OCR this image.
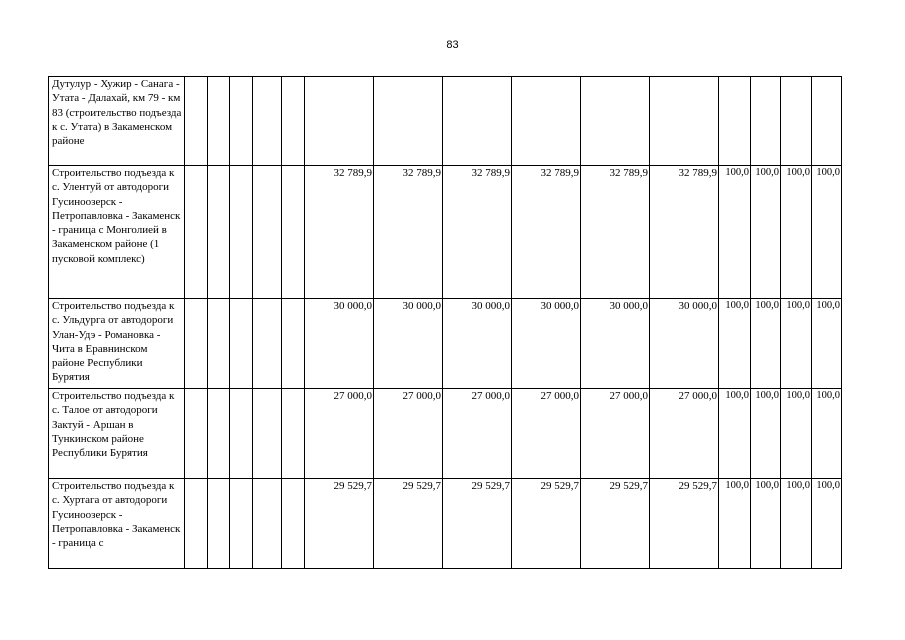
83
Дутулур - Хужир - Санага - Утата - Далахай, км 79 - км 83 (строительство подъезда к с. Утата) в Закаменском районе															
Строительство подъезда к с. Улентуй от автодороги Гусиноозерск - Петропавловка - Закаменск - граница с Монголией в Закаменском районе (1 пусковой комплекс)						32 789,9	32 789,9	32 789,9	32 789,9	32 789,9	32 789,9	100,0	100,0	100,0	100,0
Строительство подъезда к с. Ульдурга от автодороги Улан-Удэ - Романовка - Чита в Еравнинском районе Республики Бурятия						30 000,0	30 000,0	30 000,0	30 000,0	30 000,0	30 000,0	100,0	100,0	100,0	100,0
Строительство подъезда к с. Талое от автодороги Зактуй - Аршан в Тункинском районе Республики Бурятия						27 000,0	27 000,0	27 000,0	27 000,0	27 000,0	27 000,0	100,0	100,0	100,0	100,0
Строительство подъезда к с. Хуртага от автодороги Гусиноозерск - Петропавловка - Закаменск - граница с						29 529,7	29 529,7	29 529,7	29 529,7	29 529,7	29 529,7	100,0	100,0	100,0	100,0
